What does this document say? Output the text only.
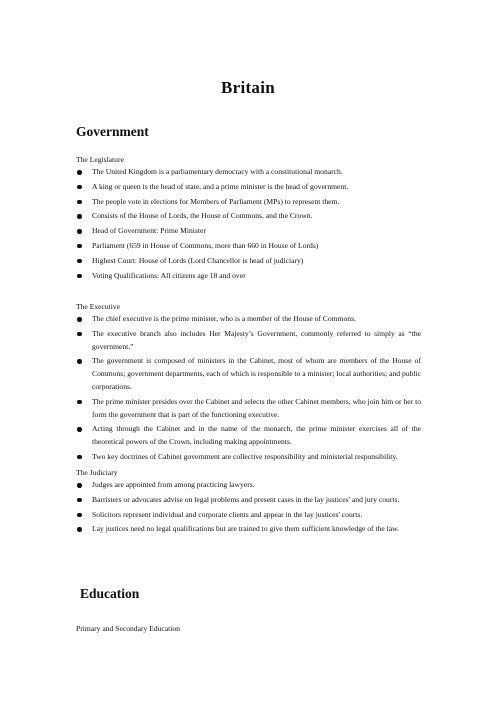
Britain
Government
The Legislature
The United Kingdom is a parliamentary democracy with a constitutional monarch.
A king or queen is the head of state, and a prime minister is the head of government.
The people vote in elections for Members of Parliament (MPs) to represent them.
Consists of the House of Lords, the House of Commons, and the Crown.
Head of Government: Prime Minister
Parliament (659 in House of Commons, more than 660 in House of Lords)
Highest Court: House of Lords (Lord Chancellor is head of judiciary)
Voting Qualifications: All citizens age 18 and over
The Executive
The chief executive is the prime minister, who is a member of the House of Commons.
The executive branch also includes Her Majesty’s Government, commonly referred to simply as “the government.”
The government is composed of ministers in the Cabinet, most of whom are members of the House of Commons; government departments, each of which is responsible to a minister; local authorities; and public corporations.
The prime minister presides over the Cabinet and selects the other Cabinet members, who join him or her to form the government that is part of the functioning executive.
Acting through the Cabinet and in the name of the monarch, the prime minister exercises all of the theoretical powers of the Crown, including making appointments.
Two key doctrines of Cabinet government are collective responsibility and ministerial responsibility.
The Judiciary
Judges are appointed from among practicing lawyers.
Barristers or advocates advise on legal problems and present cases in the lay justices' and jury courts.
Solicitors represent individual and corporate clients and appear in the lay justices' courts.
Lay justices need no legal qualifications but are trained to give them sufficient knowledge of the law.
Education
Primary and Secondary Education
